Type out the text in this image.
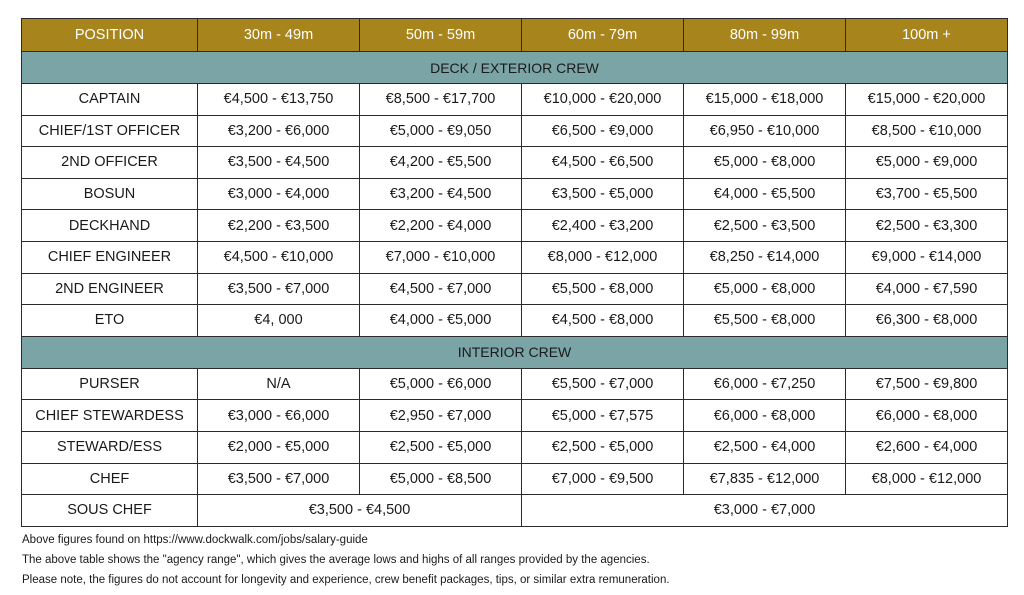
POSITION	30m - 49m	50m - 59m	60m - 79m	80m - 99m	100m +
DECK / EXTERIOR CREW					
CAPTAIN	€4,500 - €13,750	€8,500 - €17,700	€10,000 - €20,000	€15,000 - €18,000	€15,000 - €20,000
CHIEF/1ST OFFICER	€3,200 - €6,000	€5,000 - €9,050	€6,500 - €9,000	€6,950 - €10,000	€8,500 - €10,000
2ND OFFICER	€3,500 - €4,500	€4,200 - €5,500	€4,500 - €6,500	€5,000 - €8,000	€5,000 - €9,000
BOSUN	€3,000 - €4,000	€3,200 - €4,500	€3,500 - €5,000	€4,000 - €5,500	€3,700 - €5,500
DECKHAND	€2,200 - €3,500	€2,200 - €4,000	€2,400 - €3,200	€2,500 - €3,500	€2,500 - €3,300
CHIEF ENGINEER	€4,500 - €10,000	€7,000 - €10,000	€8,000 - €12,000	€8,250 - €14,000	€9,000 - €14,000
2ND ENGINEER	€3,500 - €7,000	€4,500 - €7,000	€5,500 - €8,000	€5,000 - €8,000	€4,000 - €7,590
ETO	€4, 000	€4,000 - €5,000	€4,500 - €8,000	€5,500 - €8,000	€6,300 - €8,000
INTERIOR CREW					
PURSER	N/A	€5,000 - €6,000	€5,500 - €7,000	€6,000 - €7,250	€7,500 - €9,800
CHIEF STEWARDESS	€3,000 - €6,000	€2,950 - €7,000	€5,000 - €7,575	€6,000 - €8,000	€6,000 - €8,000
STEWARD/ESS	€2,000 - €5,000	€2,500 - €5,000	€2,500 - €5,000	€2,500 - €4,000	€2,600 - €4,000
CHEF	€3,500 - €7,000	€5,000 - €8,500	€7,000 - €9,500	€7,835 - €12,000	€8,000 - €12,000
SOUS CHEF	€3,500 - €4,500		€3,000 - €7,000		
Above figures found on https://www.dockwalk.com/jobs/salary-guide
The above table shows the "agency range", which gives the average lows and highs of all ranges provided by the agencies.
Please note, the figures do not account for longevity and experience, crew benefit packages, tips, or similar extra remuneration.
